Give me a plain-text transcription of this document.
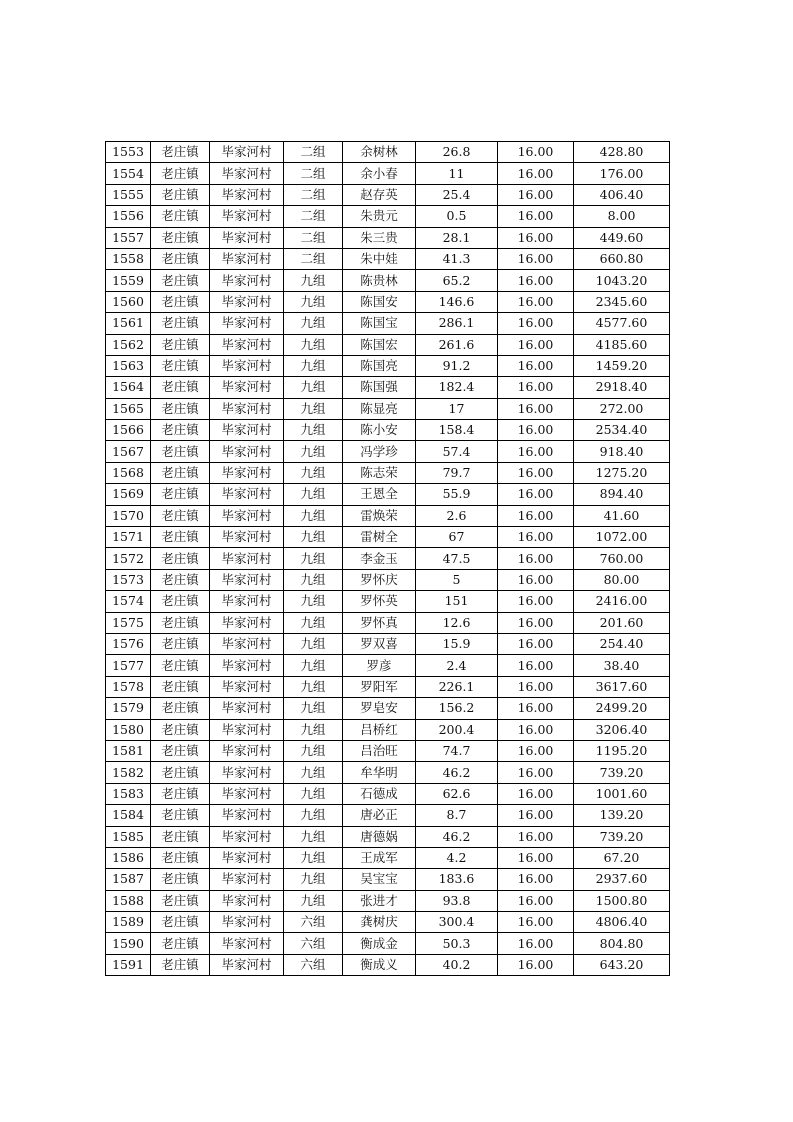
1553	老庄镇	毕家河村	二组	余树林	26.8	16.00	428.80
1554	老庄镇	毕家河村	二组	余小春	11	16.00	176.00
1555	老庄镇	毕家河村	二组	赵存英	25.4	16.00	406.40
1556	老庄镇	毕家河村	二组	朱贵元	0.5	16.00	8.00
1557	老庄镇	毕家河村	二组	朱三贵	28.1	16.00	449.60
1558	老庄镇	毕家河村	二组	朱中娃	41.3	16.00	660.80
1559	老庄镇	毕家河村	九组	陈贵林	65.2	16.00	1043.20
1560	老庄镇	毕家河村	九组	陈国安	146.6	16.00	2345.60
1561	老庄镇	毕家河村	九组	陈国宝	286.1	16.00	4577.60
1562	老庄镇	毕家河村	九组	陈国宏	261.6	16.00	4185.60
1563	老庄镇	毕家河村	九组	陈国亮	91.2	16.00	1459.20
1564	老庄镇	毕家河村	九组	陈国强	182.4	16.00	2918.40
1565	老庄镇	毕家河村	九组	陈显亮	17	16.00	272.00
1566	老庄镇	毕家河村	九组	陈小安	158.4	16.00	2534.40
1567	老庄镇	毕家河村	九组	冯学珍	57.4	16.00	918.40
1568	老庄镇	毕家河村	九组	陈志荣	79.7	16.00	1275.20
1569	老庄镇	毕家河村	九组	王恩全	55.9	16.00	894.40
1570	老庄镇	毕家河村	九组	雷焕荣	2.6	16.00	41.60
1571	老庄镇	毕家河村	九组	雷树全	67	16.00	1072.00
1572	老庄镇	毕家河村	九组	李金玉	47.5	16.00	760.00
1573	老庄镇	毕家河村	九组	罗怀庆	5	16.00	80.00
1574	老庄镇	毕家河村	九组	罗怀英	151	16.00	2416.00
1575	老庄镇	毕家河村	九组	罗怀真	12.6	16.00	201.60
1576	老庄镇	毕家河村	九组	罗双喜	15.9	16.00	254.40
1577	老庄镇	毕家河村	九组	罗彦	2.4	16.00	38.40
1578	老庄镇	毕家河村	九组	罗阳军	226.1	16.00	3617.60
1579	老庄镇	毕家河村	九组	罗皂安	156.2	16.00	2499.20
1580	老庄镇	毕家河村	九组	吕桥红	200.4	16.00	3206.40
1581	老庄镇	毕家河村	九组	吕治旺	74.7	16.00	1195.20
1582	老庄镇	毕家河村	九组	牟华明	46.2	16.00	739.20
1583	老庄镇	毕家河村	九组	石德成	62.6	16.00	1001.60
1584	老庄镇	毕家河村	九组	唐必正	8.7	16.00	139.20
1585	老庄镇	毕家河村	九组	唐德娲	46.2	16.00	739.20
1586	老庄镇	毕家河村	九组	王成军	4.2	16.00	67.20
1587	老庄镇	毕家河村	九组	吴宝宝	183.6	16.00	2937.60
1588	老庄镇	毕家河村	九组	张进才	93.8	16.00	1500.80
1589	老庄镇	毕家河村	六组	龚树庆	300.4	16.00	4806.40
1590	老庄镇	毕家河村	六组	衡成金	50.3	16.00	804.80
1591	老庄镇	毕家河村	六组	衡成义	40.2	16.00	643.20
